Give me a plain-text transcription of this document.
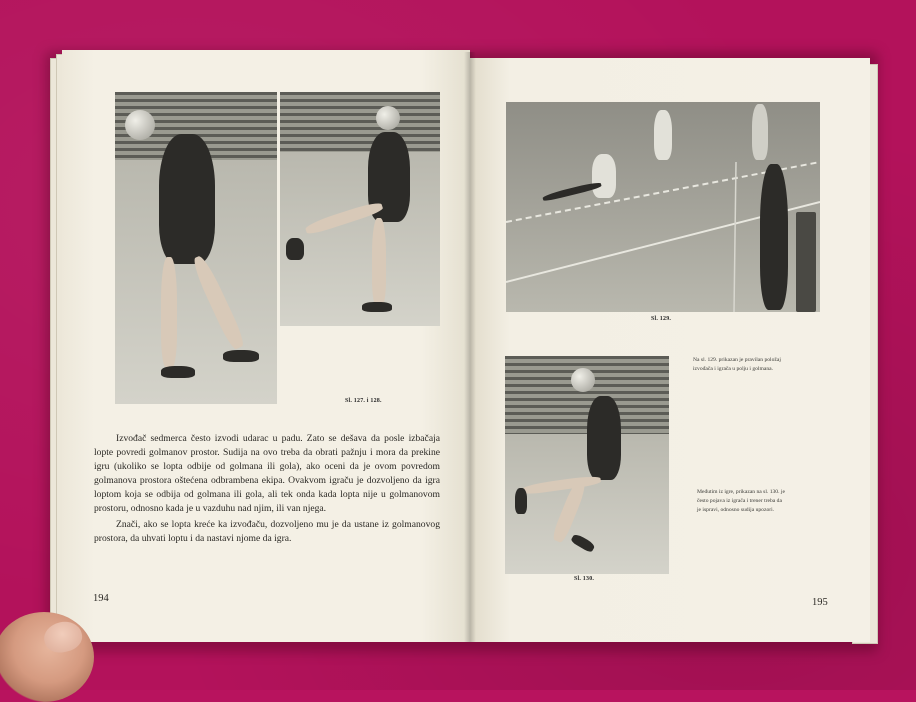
Sl. 127. i 128.

Izvođač sedmerca često izvodi udarac u padu. Zato se dešava da posle izbačaja lopte povredi golmanov prostor. Sudija na ovo treba da obrati pažnju i mora da prekine igru (ukoliko se lopta odbije od golmana ili gola), ako oceni da je ovom povredom golmanova prostora oštećena odbrambena ekipa. Ovakvom igraču je dozvoljeno da igra loptom koja se odbija od golmana ili gola, ali tek onda kada lopta nije u golmanovom prostoru, odnosno kada je u vazduhu nad njim, ili van njega.

Znači, ako se lopta kreće ka izvođaču, dozvoljeno mu je da ustane iz golmanovog prostora, da uhvati loptu i da nastavi njome da igra.

194
Sl. 129.
Na sl. 129. prikazan je pravilan položaj izvođača i igrača u polju i golmana.
Sl. 130.
Međutim iz igre, prikazan na sl. 130. je često pojava iz igrača i trener treba da je ispravi, odnosno sudija upozori.
195
